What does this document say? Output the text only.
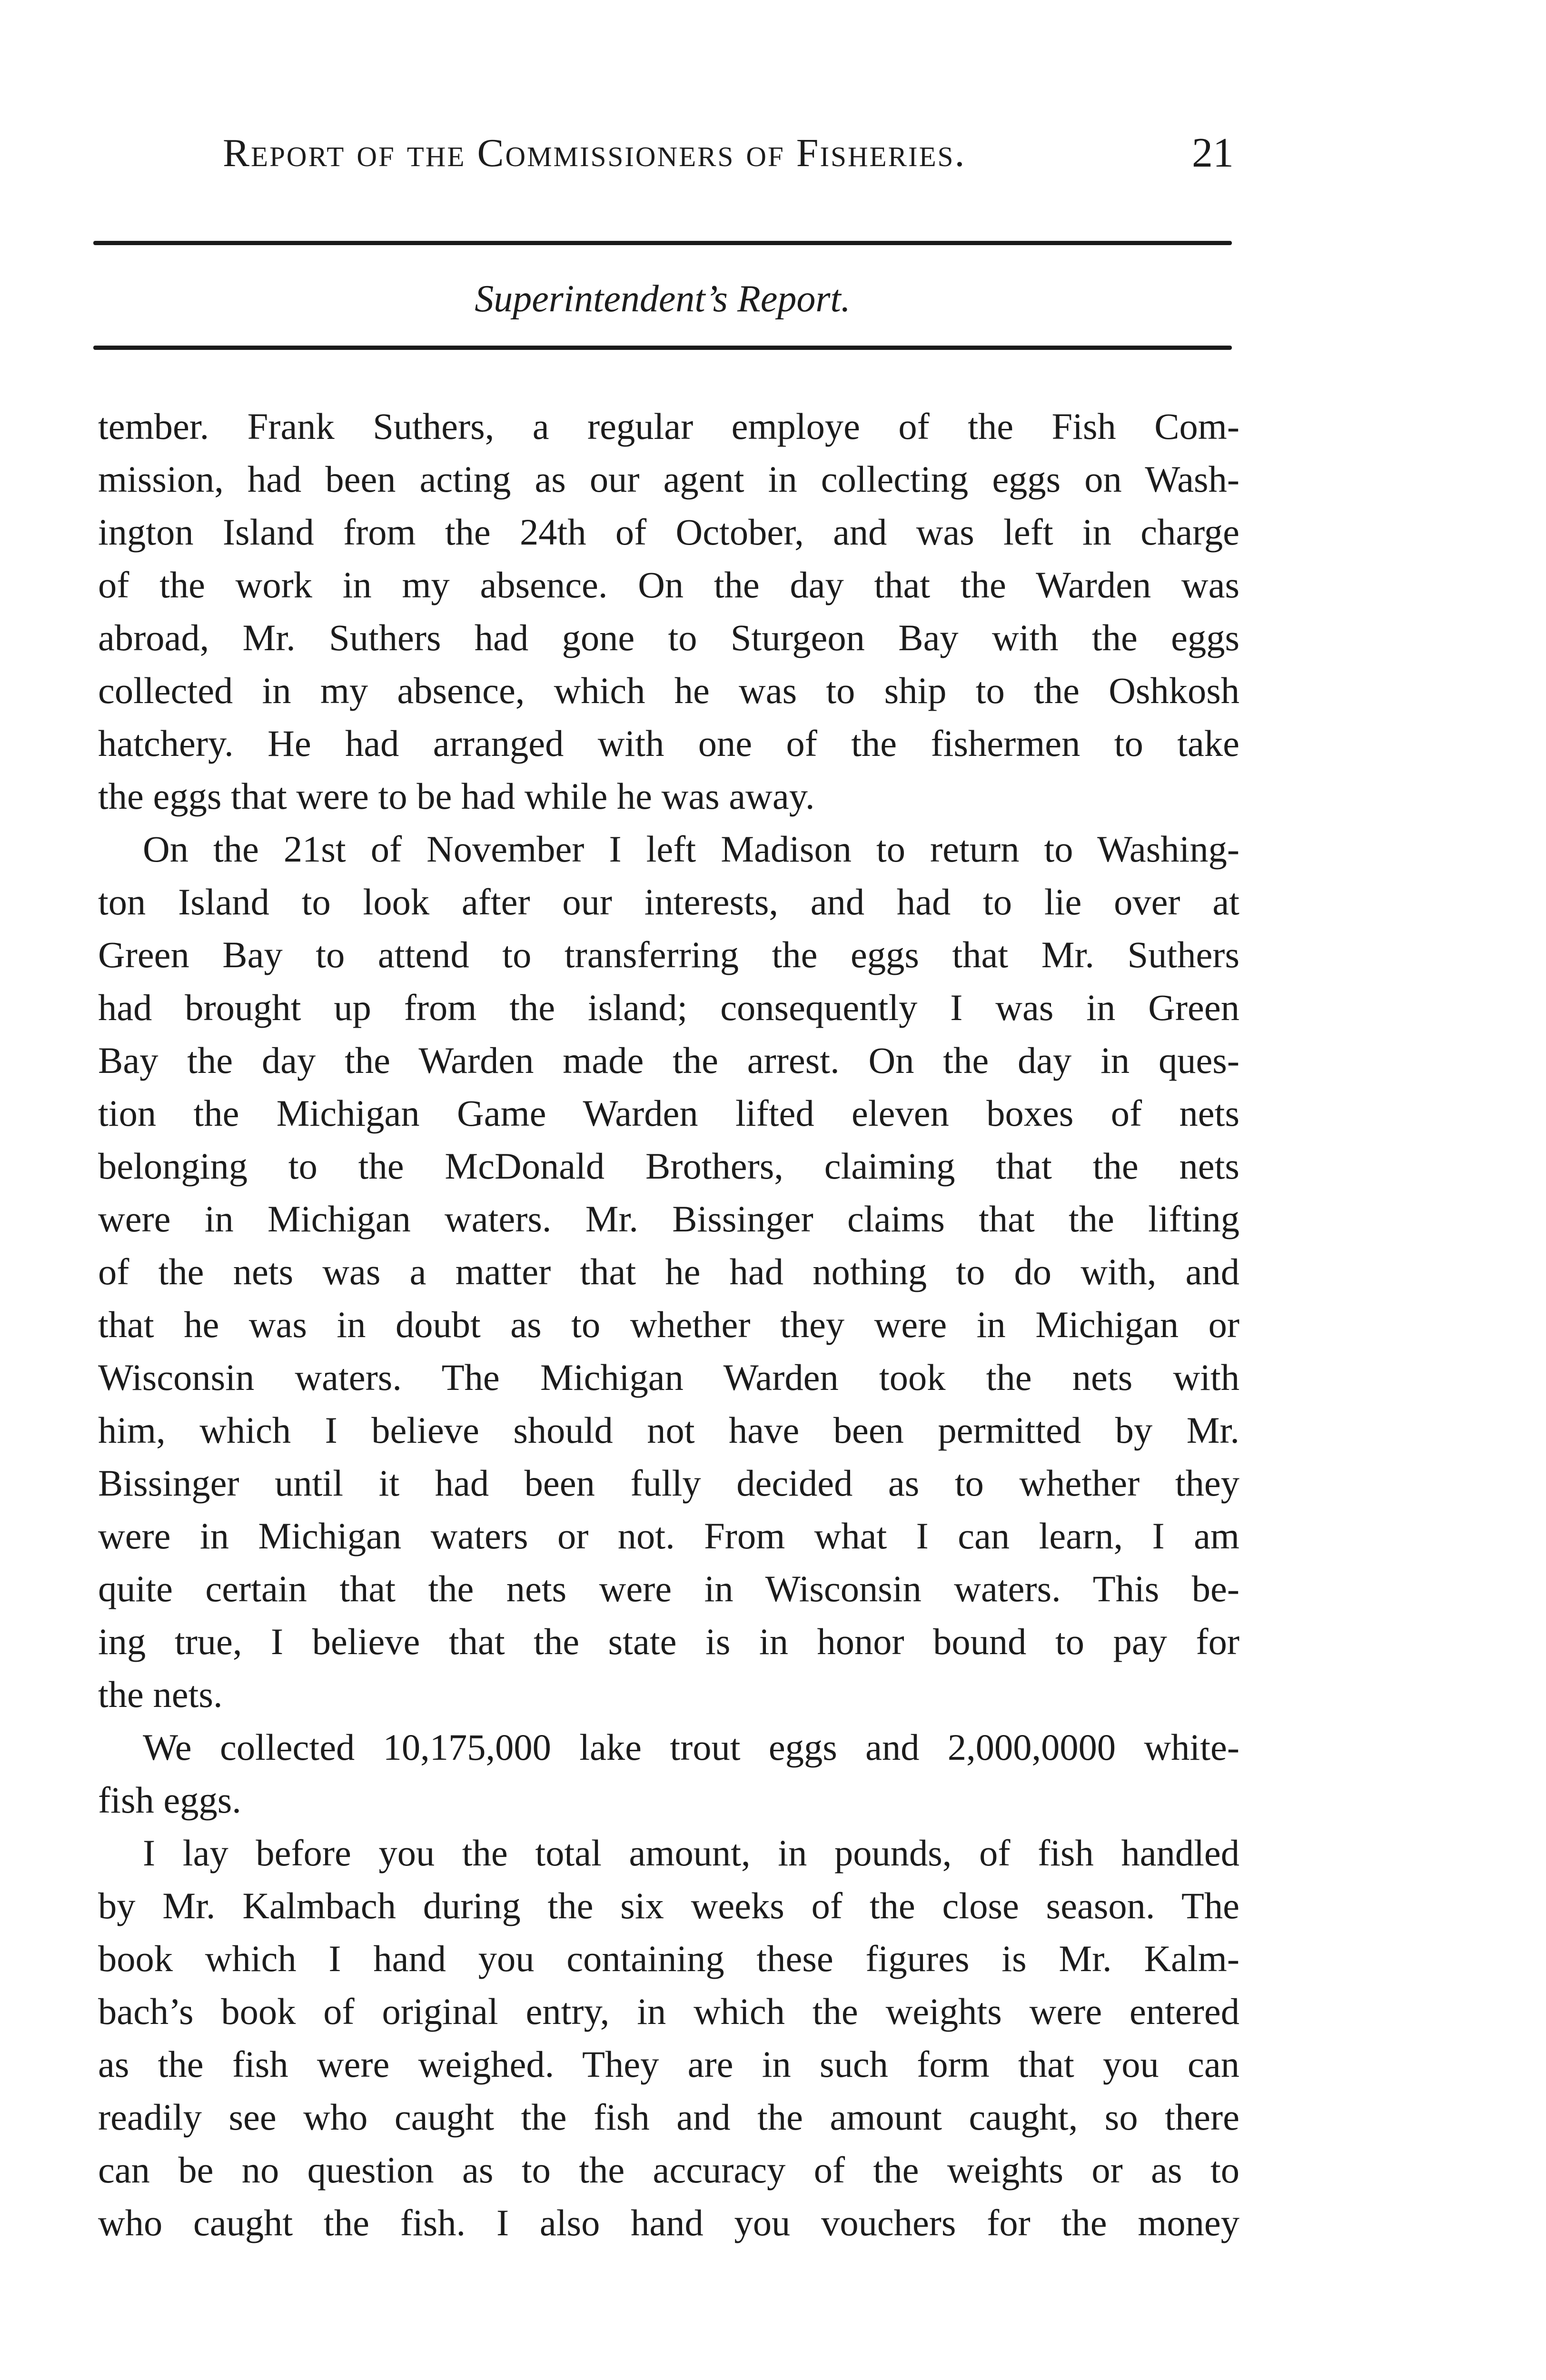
Report of the Commissioners of Fisheries.	21
Superintendent’s Report.
tember. Frank Suthers, a regular employe of the Fish Com-
mission, had been acting as our agent in collecting eggs on Wash-
ington Island from the 24th of October, and was left in charge
of the work in my absence. On the day that the Warden was
abroad, Mr. Suthers had gone to Sturgeon Bay with the eggs
collected in my absence, which he was to ship to the Oshkosh
hatchery. He had arranged with one of the fishermen to take
the eggs that were to be had while he was away.
On the 21st of November I left Madison to return to Washing-
ton Island to look after our interests, and had to lie over at
Green Bay to attend to transferring the eggs that Mr. Suthers
had brought up from the island; consequently I was in Green
Bay the day the Warden made the arrest. On the day in ques-
tion the Michigan Game Warden lifted eleven boxes of nets
belonging to the McDonald Brothers, claiming that the nets
were in Michigan waters. Mr. Bissinger claims that the lifting
of the nets was a matter that he had nothing to do with, and
that he was in doubt as to whether they were in Michigan or
Wisconsin waters. The Michigan Warden took the nets with
him, which I believe should not have been permitted by Mr.
Bissinger until it had been fully decided as to whether they
were in Michigan waters or not. From what I can learn, I am
quite certain that the nets were in Wisconsin waters. This be-
ing true, I believe that the state is in honor bound to pay for
the nets.
We collected 10,175,000 lake trout eggs and 2,000,0000 white-
fish eggs.
I lay before you the total amount, in pounds, of fish handled
by Mr. Kalmbach during the six weeks of the close season. The
book which I hand you containing these figures is Mr. Kalm-
bach’s book of original entry, in which the weights were entered
as the fish were weighed. They are in such form that you can
readily see who caught the fish and the amount caught, so there
can be no question as to the accuracy of the weights or as to
who caught the fish. I also hand you vouchers for the money
